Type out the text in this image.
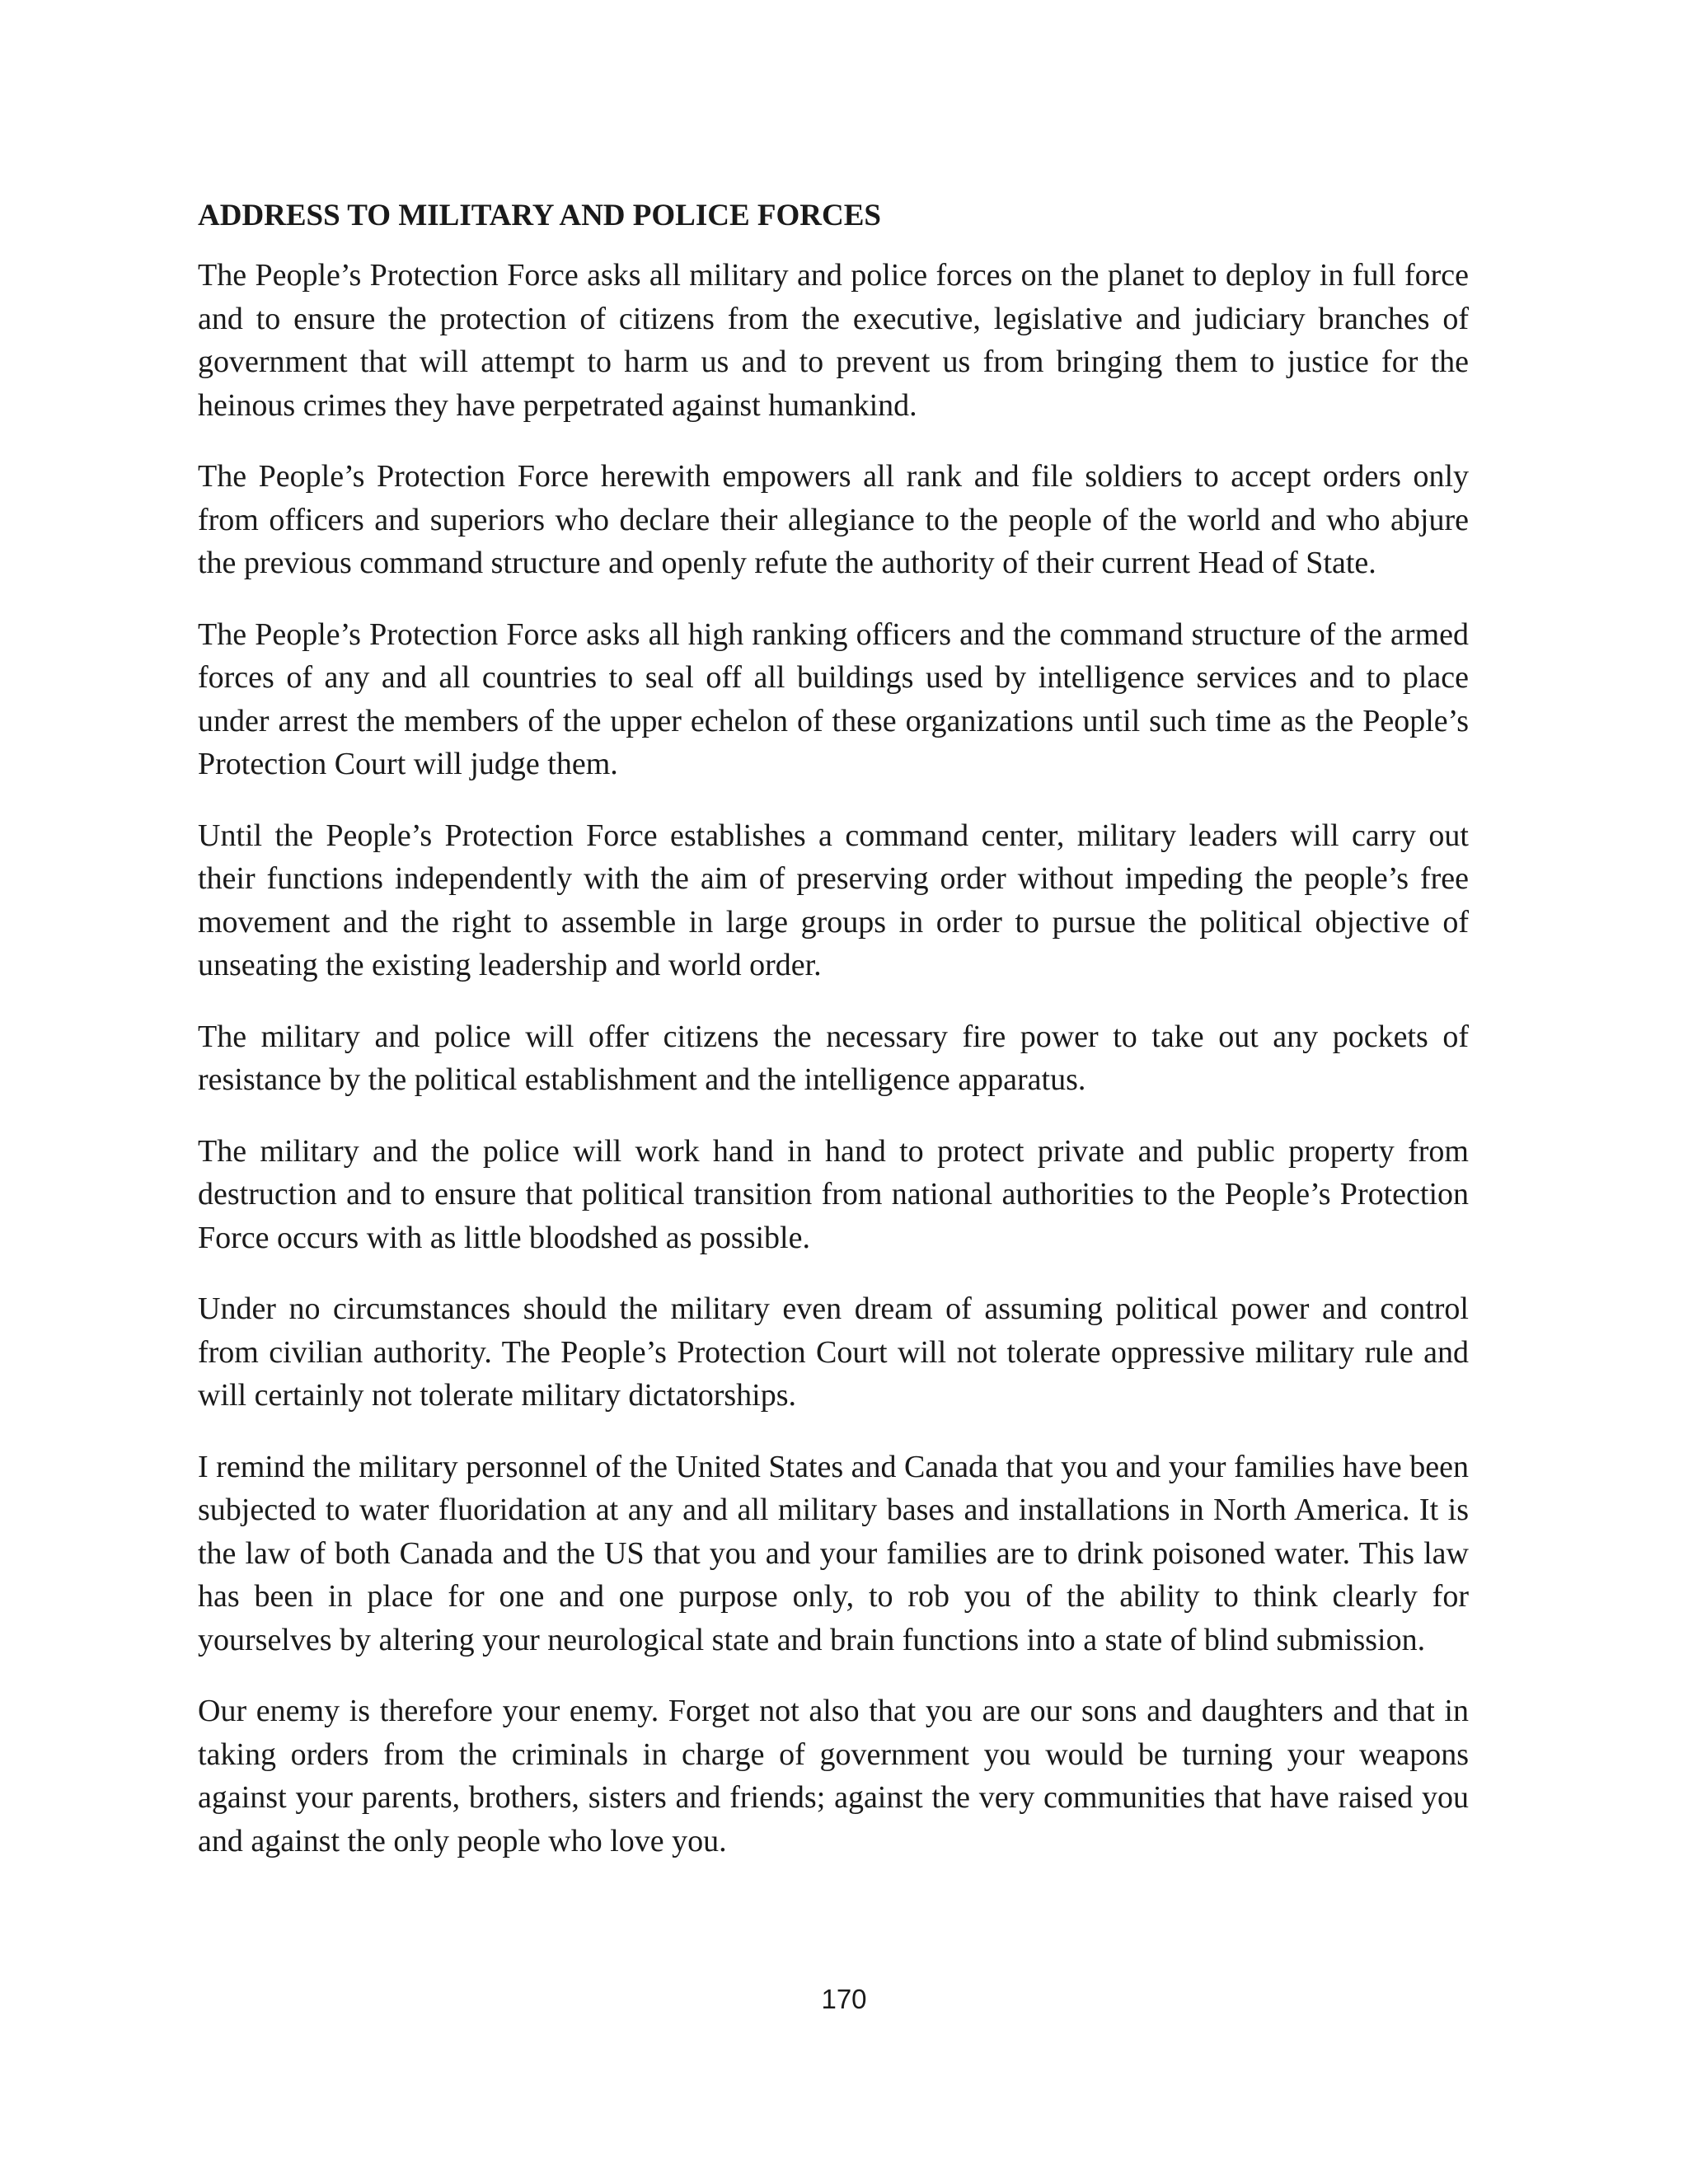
ADDRESS TO MILITARY AND POLICE FORCES

The People’s Protection Force asks all military and police forces on the planet to deploy in full force and to ensure the protection of citizens from the executive, legislative and judiciary branches of government that will attempt to harm us and to prevent us from bringing them to justice for the heinous crimes they have perpetrated against humankind.

The People’s Protection Force herewith empowers all rank and file soldiers to accept orders only from officers and superiors who declare their allegiance to the people of the world and who abjure the previous command structure and openly refute the authority of their current Head of State.

The People’s Protection Force asks all high ranking officers and the command structure of the armed forces of any and all countries to seal off all buildings used by intelligence services and to place under arrest the members of the upper echelon of these organizations until such time as the People’s Protection Court will judge them.

Until the People’s Protection Force establishes a command center, military leaders will carry out their functions independently with the aim of preserving order without impeding the people’s free movement and the right to assemble in large groups in order to pursue the political objective of unseating the existing leadership and world order.

The military and police will offer citizens the necessary fire power to take out any pockets of resistance by the political establishment and the intelligence apparatus.

The military and the police will work hand in hand to protect private and public property from destruction and to ensure that political transition from national authorities to the People’s Protection Force occurs with as little bloodshed as possible.

Under no circumstances should the military even dream of assuming political power and control from civilian authority. The People’s Protection Court will not tolerate oppressive military rule and will certainly not tolerate military dictatorships.

I remind the military personnel of the United States and Canada that you and your families have been subjected to water fluoridation at any and all military bases and installations in North America. It is the law of both Canada and the US that you and your families are to drink poisoned water. This law has been in place for one and one purpose only, to rob you of the ability to think clearly for yourselves by altering your neurological state and brain functions into a state of blind submission.

Our enemy is therefore your enemy. Forget not also that you are our sons and daughters and that in taking orders from the criminals in charge of government you would be turning your weapons against your parents, brothers, sisters and friends; against the very communities that have raised you and against the only people who love you.

170
